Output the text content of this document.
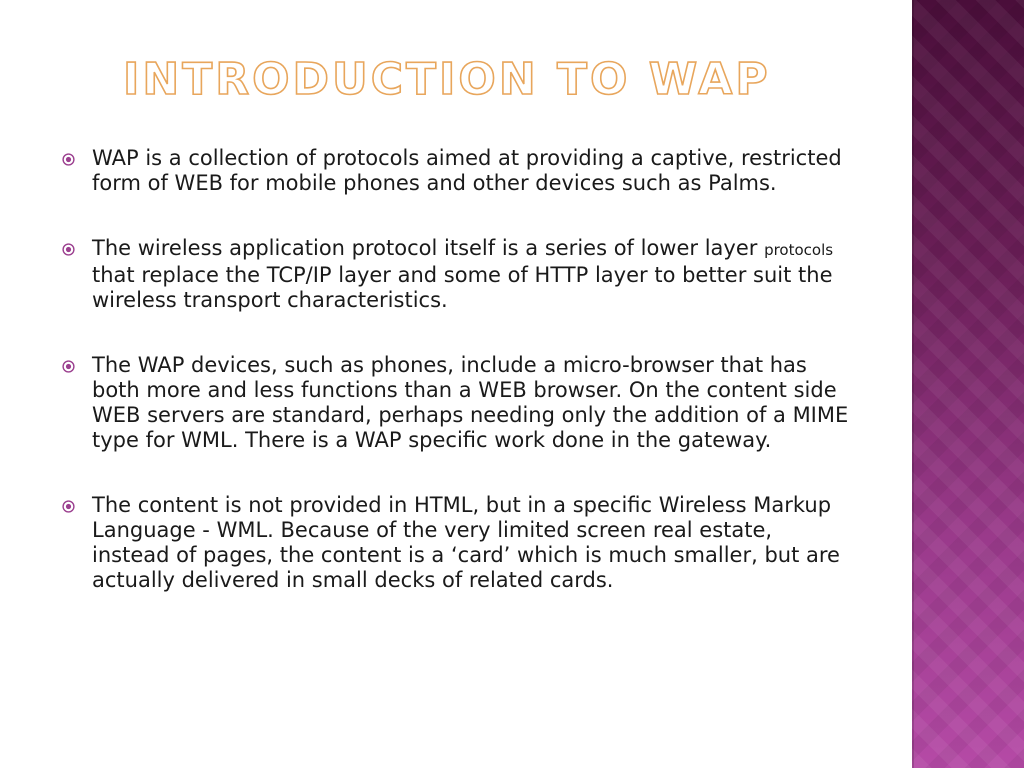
INTRODUCTION TO WAP
WAP is a collection of protocols aimed at providing a captive, restricted form of WEB for mobile phones and other devices such as Palms.
The wireless application protocol itself is a series of lower layer protocols that replace the TCP/IP layer and some of HTTP layer to better suit the wireless transport characteristics.
The WAP devices, such as phones, include a micro-browser that has both more and less functions than a WEB browser. On the content side WEB servers are standard, perhaps needing only the addition of a MIME type for WML. There is a WAP specific work done in the gateway.
The content is not provided in HTML, but in a specific Wireless Markup Language - WML. Because of the very limited screen real estate, instead of pages, the content is a ‘card’ which is much smaller, but are actually delivered in small decks of related cards.
